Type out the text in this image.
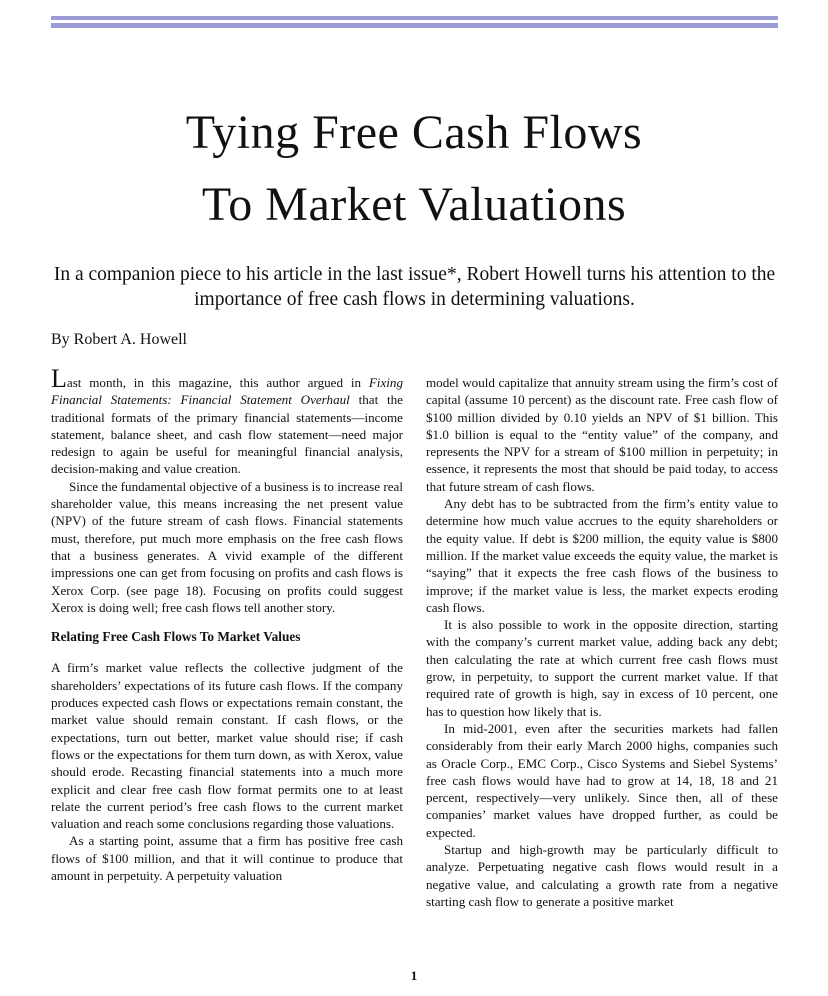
Tying Free Cash Flows
To Market Valuations
In a companion piece to his article in the last issue*, Robert Howell turns his attention to the importance of free cash flows in determining valuations.
By Robert A. Howell

Last month, in this magazine, this author argued in Fixing Financial Statements: Financial Statement Overhaul that the traditional formats of the primary financial statements—income statement, balance sheet, and cash flow statement—need major redesign to again be useful for meaningful financial analysis, decision-making and value creation.

Since the fundamental objective of a business is to increase real shareholder value, this means increasing the net present value (NPV) of the future stream of cash flows. Financial statements must, therefore, put much more emphasis on the free cash flows that a business generates. A vivid example of the different impressions one can get from focusing on profits and cash flows is Xerox Corp. (see page 18). Focusing on profits could suggest Xerox is doing well; free cash flows tell another story.

Relating Free Cash Flows To Market Values

A firm’s market value reflects the collective judgment of the shareholders’ expectations of its future cash flows. If the company produces expected cash flows or expectations remain constant, the market value should remain constant. If cash flows, or the expectations, turn out better, market value should rise; if cash flows or the expectations for them turn down, as with Xerox, value should erode. Recasting financial statements into a much more explicit and clear free cash flow format permits one to at least relate the current period’s free cash flows to the current market valuation and reach some conclusions regarding those valuations.

As a starting point, assume that a firm has positive free cash flows of $100 million, and that it will continue to produce that amount in perpetuity. A perpetuity valuation

model would capitalize that annuity stream using the firm’s cost of capital (assume 10 percent) as the discount rate. Free cash flow of $100 million divided by 0.10 yields an NPV of $1 billion. This $1.0 billion is equal to the “entity value” of the company, and represents the NPV for a stream of $100 million in perpetuity; in essence, it represents the most that should be paid today, to access that future stream of cash flows.

Any debt has to be subtracted from the firm’s entity value to determine how much value accrues to the equity shareholders or the equity value. If debt is $200 million, the equity value is $800 million. If the market value exceeds the equity value, the market is “saying” that it expects the free cash flows of the business to improve; if the market value is less, the market expects eroding cash flows.

It is also possible to work in the opposite direction, starting with the company’s current market value, adding back any debt; then calculating the rate at which current free cash flows must grow, in perpetuity, to support the current market value. If that required rate of growth is high, say in excess of 10 percent, one has to question how likely that is.

In mid-2001, even after the securities markets had fallen considerably from their early March 2000 highs, companies such as Oracle Corp., EMC Corp., Cisco Systems and Siebel Systems’ free cash flows would have had to grow at 14, 18, 18 and 21 percent, respectively—very unlikely. Since then, all of these companies’ market values have dropped further, as could be expected.

Startup and high-growth may be particularly difficult to analyze. Perpetuating negative cash flows would result in a negative value, and calculating a growth rate from a negative starting cash flow to generate a positive market

1
